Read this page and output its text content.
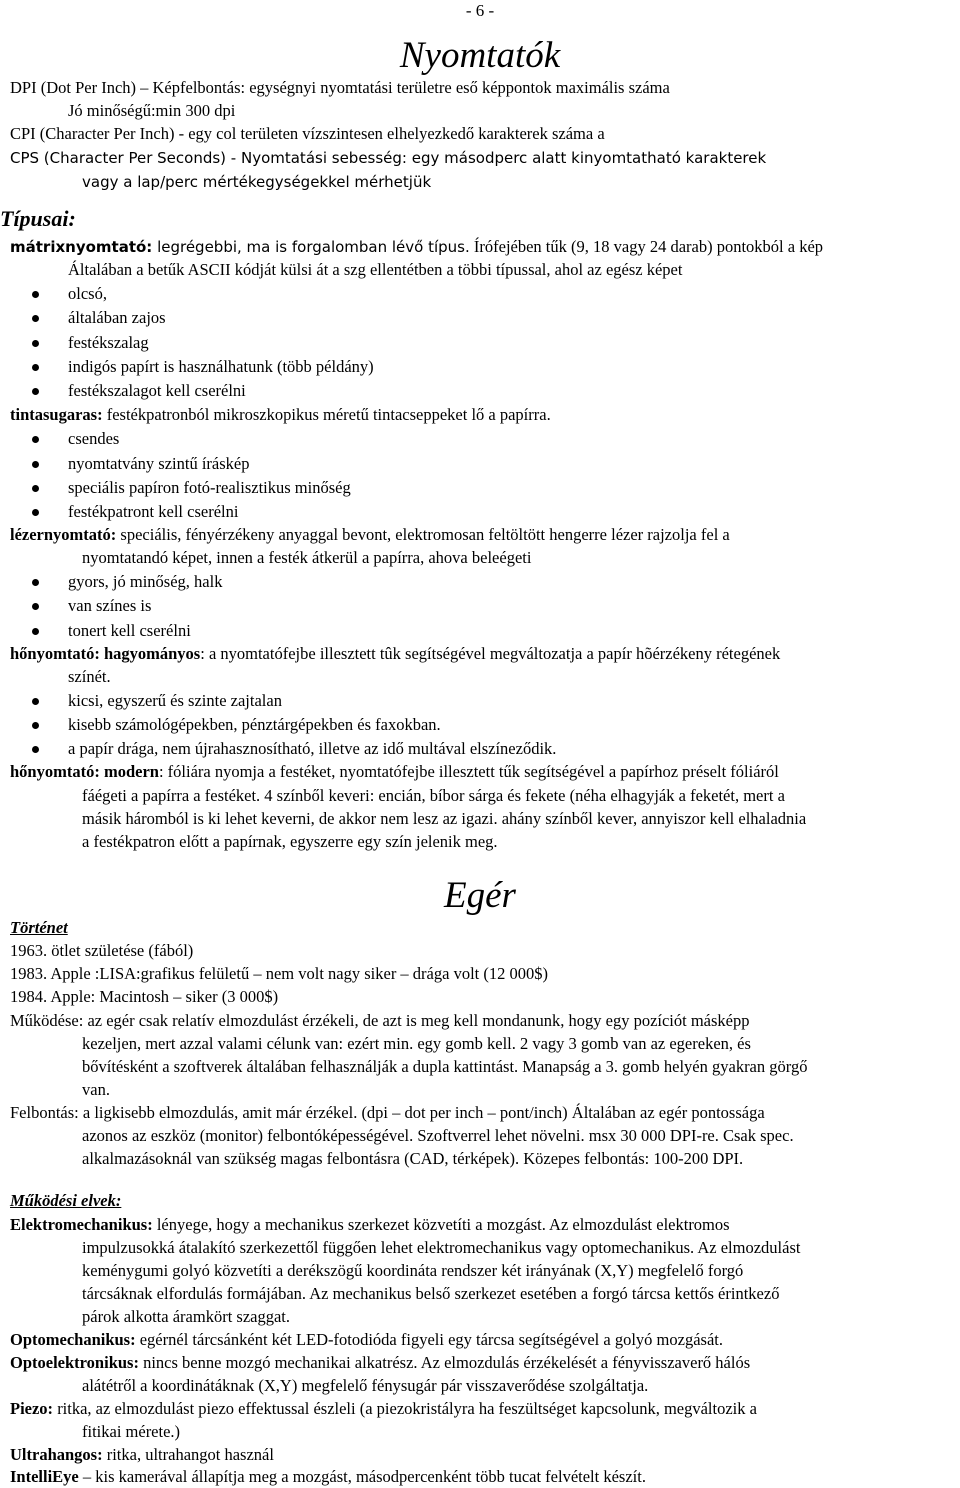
- 6 -
Nyomtatók
DPI (Dot Per Inch) – Képfelbontás: egységnyi nyomtatási területre eső képpontok maximális száma
Jó minőségű:min 300 dpi
CPI (Character Per Inch) - egy col területen vízszintesen elhelyezkedő karakterek száma a
CPS (Character Per Seconds) - Nyomtatási sebesség: egy másodperc alatt kinyomtatható karakterek
vagy a lap/perc mértékegységekkel mérhetjük
Típusai:
mátrixnyomtató: legrégebbi, ma is forgalomban lévő típus. Írófejében tűk (9, 18 vagy 24 darab) pontokból a kép
Általában a betűk ASCII kódját külsi át a szg ellentétben a többi típussal, ahol az egész képet
olcsó,
általában zajos
festékszalag
indigós papírt is használhatunk (több példány)
festékszalagot kell cserélni
tintasugaras: festékpatronból mikroszkopikus méretű tintacseppeket lő a papírra.
csendes
nyomtatvány szintű íráskép
speciális papíron fotó-realisztikus minőség
festékpatront kell cserélni
lézernyomtató: speciális, fényérzékeny anyaggal bevont, elektromosan feltöltött hengerre lézer rajzolja fel a
nyomtatandó képet, innen a festék átkerül a papírra, ahova beleégeti
gyors, jó minőség, halk
van színes is
tonert kell cserélni
hőnyomtató: hagyományos: a nyomtatófejbe illesztett tûk segítségével megváltozatja a papír hõérzékeny rétegének
színét.
kicsi, egyszerű és szinte zajtalan
kisebb számológépekben, pénztárgépekben és faxokban.
a papír drága, nem újrahasznosítható, illetve az idő multával elszíneződik.
hőnyomtató: modern: fóliára nyomja a festéket, nyomtatófejbe illesztett tűk segítségével a papírhoz préselt fóliáról
fáégeti a papírra a festéket. 4 színből keveri: encián, bíbor sárga és fekete (néha elhagyják a feketét, mert a
másik háromból is ki lehet keverni, de akkor nem lesz az igazi. ahány színből kever, annyiszor kell elhaladnia
a festékpatron előtt a papírnak, egyszerre egy szín jelenik meg.
Egér
Történet
1963. ötlet születése (fából)
1983. Apple :LISA:grafikus felületű – nem volt nagy siker – drága volt (12 000$)
1984. Apple: Macintosh – siker (3 000$)
Működése: az egér csak relatív elmozdulást érzékeli, de azt is meg kell mondanunk, hogy egy pozíciót másképp
kezeljen, mert azzal valami célunk van: ezért min. egy gomb kell. 2 vagy 3 gomb van az egereken, és
bővítésként a szoftverek általában felhasználják a dupla kattintást. Manapság a 3. gomb helyén gyakran görgő
van.
Felbontás: a ligkisebb elmozdulás, amit már érzékel. (dpi – dot per inch – pont/inch) Általában az egér pontossága
azonos az eszköz (monitor) felbontóképességével. Szoftverrel lehet növelni. msx 30 000 DPI-re. Csak spec.
alkalmazásoknál van szükség magas felbontásra (CAD, térképek). Közepes felbontás: 100-200 DPI.
Működési elvek:
Elektromechanikus: lényege, hogy a mechanikus szerkezet közvetíti a mozgást. Az elmozdulást elektromos
impulzusokká átalakító szerkezettől függően lehet elektromechanikus vagy optomechanikus. Az elmozdulást
keménygumi golyó közvetíti a derékszögű koordináta rendszer két irányának (X,Y) megfelelő forgó
tárcsáknak elfordulás formájában. Az mechanikus belső szerkezet esetében a forgó tárcsa kettős érintkező
párok alkotta áramkört szaggat.
Optomechanikus: egérnél tárcsánként két LED-fotodióda figyeli egy tárcsa segítségével a golyó mozgását.
Optoelektronikus: nincs benne mozgó mechanikai alkatrész. Az elmozdulás érzékelését a fényvisszaverő hálós
alátétről a koordinátáknak (X,Y) megfelelő fénysugár pár visszaverődése szolgáltatja.
Piezo: ritka, az elmozdulást piezo effektussal észleli (a piezokristályra ha feszültséget kapcsolunk, megváltozik a
fitikai mérete.)
Ultrahangos: ritka, ultrahangot használ
IntelliEye – kis kamerával állapítja meg a mozgást, másodpercenként több tucat felvételt készít.
